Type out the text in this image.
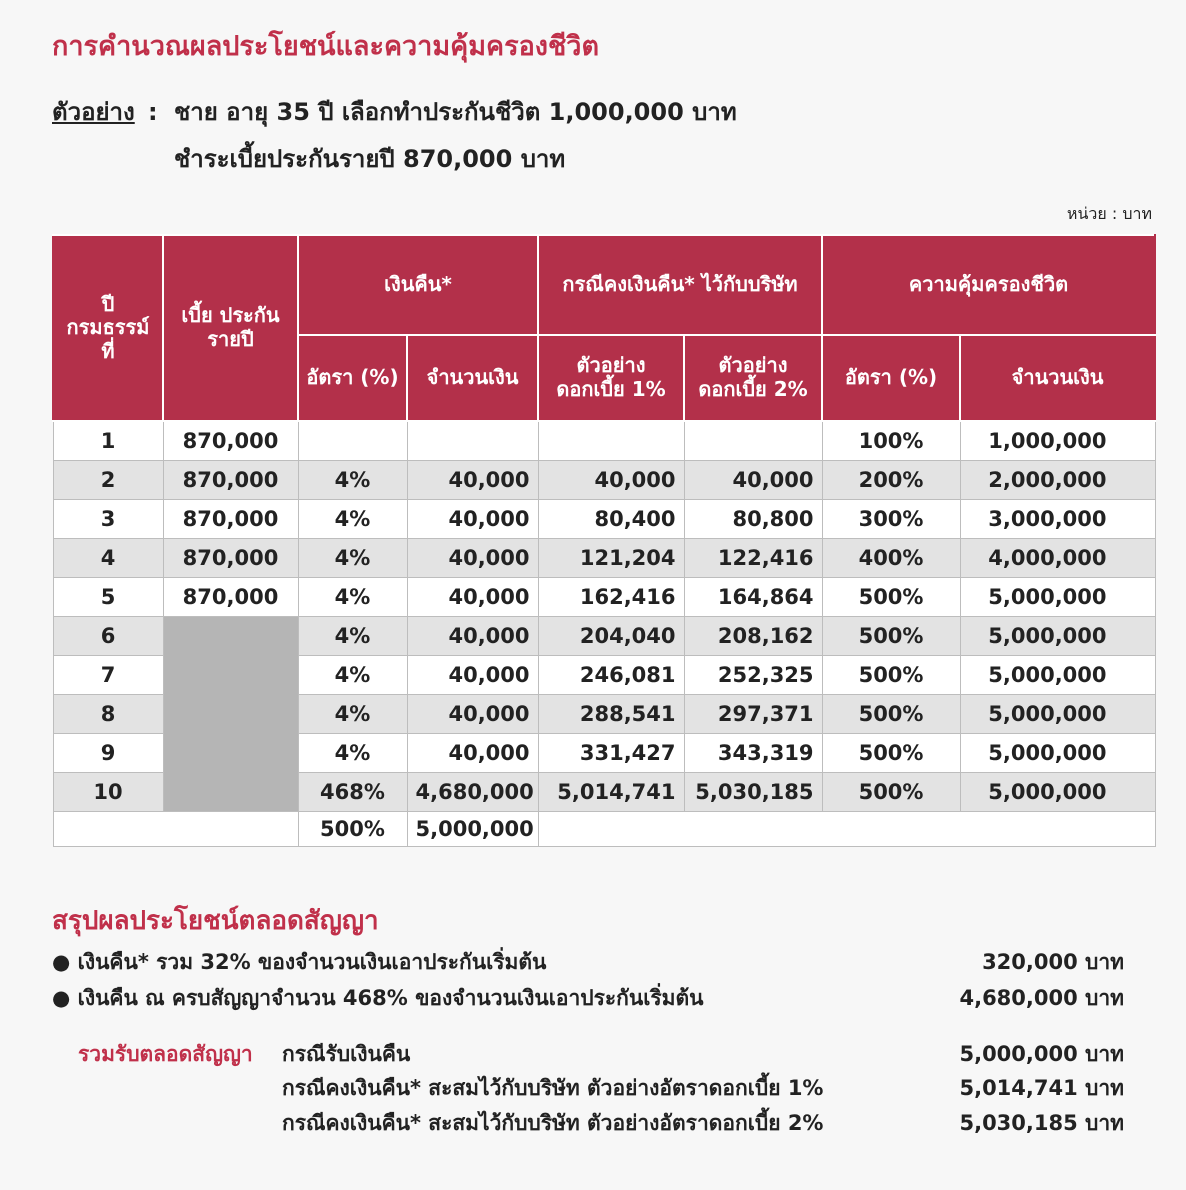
การคำนวณผลประโยชน์และความคุ้มครองชีวิต
ตัวอย่าง : ชาย อายุ 35 ปี เลือกทำประกันชีวิต 1,000,000 บาท
ชำระเบี้ยประกันรายปี 870,000 บาท
หน่วย : บาท
ปี กรมธรรม์ ที่	เบี้ย ประกัน รายปี	เงินคืน*		กรณีคงเงินคืน* ไว้กับบริษัท		ความคุ้มครองชีวิต	
		อัตรา (%)	จำนวนเงิน	ตัวอย่าง ดอกเบี้ย 1%	ตัวอย่าง ดอกเบี้ย 2%	อัตรา (%)	จำนวนเงิน
1	870,000					100%	1,000,000
2	870,000	4%	40,000	40,000	40,000	200%	2,000,000
3	870,000	4%	40,000	80,400	80,800	300%	3,000,000
4	870,000	4%	40,000	121,204	122,416	400%	4,000,000
5	870,000	4%	40,000	162,416	164,864	500%	5,000,000
6		4%	40,000	204,040	208,162	500%	5,000,000
7		4%	40,000	246,081	252,325	500%	5,000,000
8		4%	40,000	288,541	297,371	500%	5,000,000
9		4%	40,000	331,427	343,319	500%	5,000,000
10		468%	4,680,000	5,014,741	5,030,185	500%	5,000,000
		500%	5,000,000				
สรุปผลประโยชน์ตลอดสัญญา
● เงินคืน* รวม 32% ของจำนวนเงินเอาประกันเริ่มต้น	320,000 บาท
● เงินคืน ณ ครบสัญญาจำนวน 468% ของจำนวนเงินเอาประกันเริ่มต้น	4,680,000 บาท
รวมรับตลอดสัญญา กรณีรับเงินคืน	5,000,000 บาท
กรณีคงเงินคืน* สะสมไว้กับบริษัท ตัวอย่างอัตราดอกเบี้ย 1%	5,014,741 บาท
กรณีคงเงินคืน* สะสมไว้กับบริษัท ตัวอย่างอัตราดอกเบี้ย 2%	5,030,185 บาท
